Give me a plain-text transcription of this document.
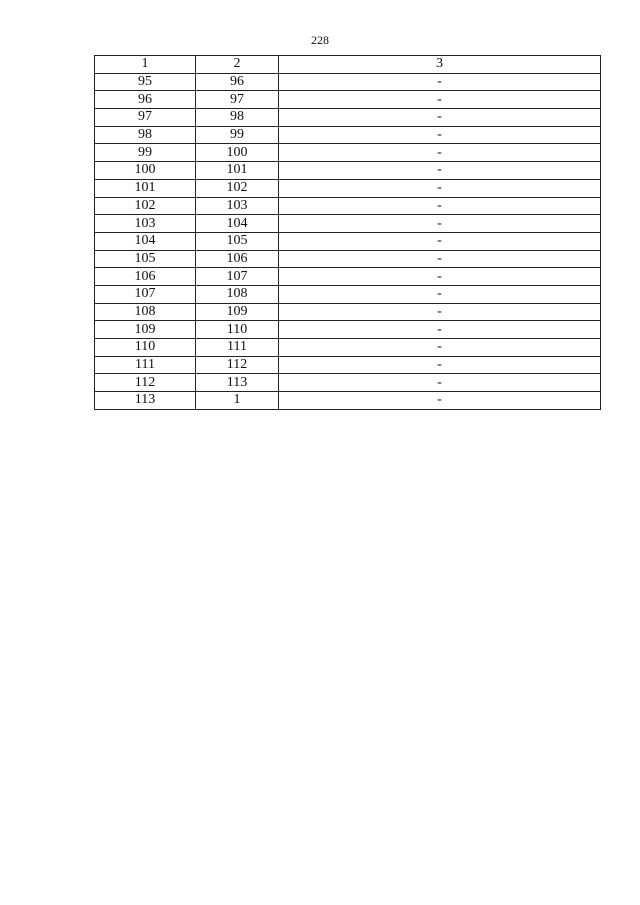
228
1	2	3
95	96	-
96	97	-
97	98	-
98	99	-
99	100	-
100	101	-
101	102	-
102	103	-
103	104	-
104	105	-
105	106	-
106	107	-
107	108	-
108	109	-
109	110	-
110	111	-
111	112	-
112	113	-
113	1	-
